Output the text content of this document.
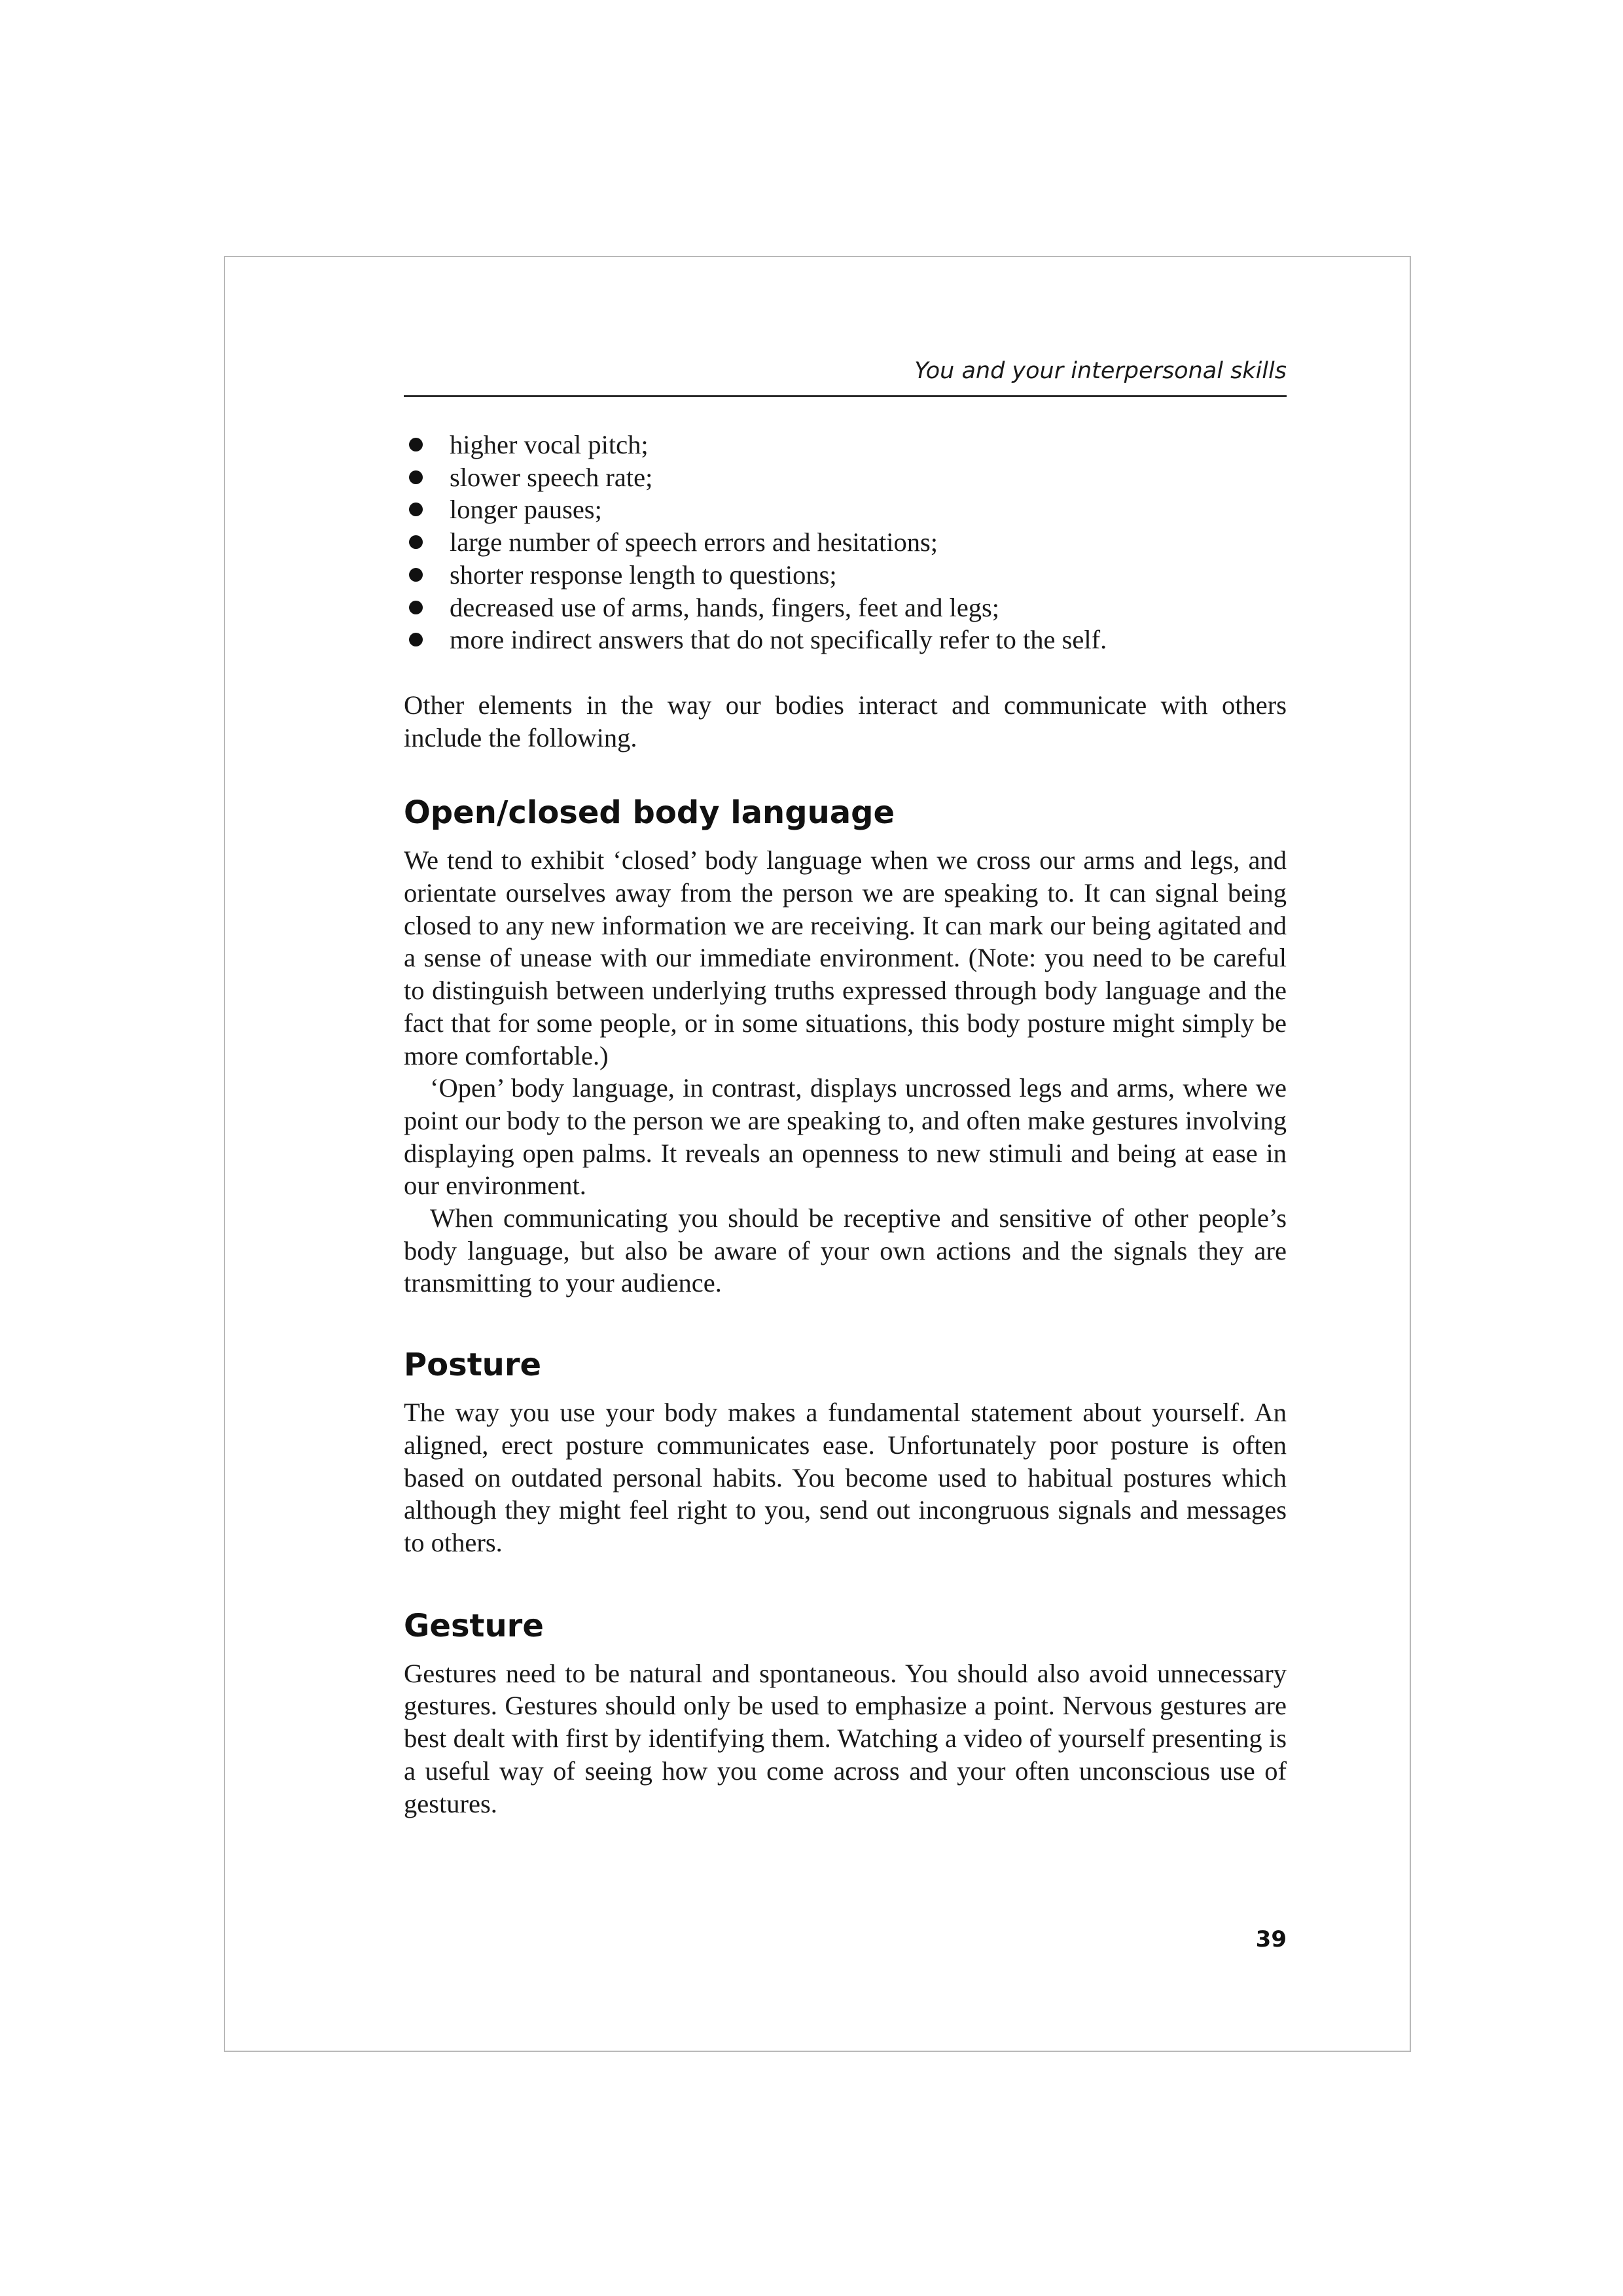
You and your interpersonal skills
higher vocal pitch;
slower speech rate;
longer pauses;
large number of speech errors and hesitations;
shorter response length to questions;
decreased use of arms, hands, fingers, feet and legs;
more indirect answers that do not specifically refer to the self.

Other elements in the way our bodies interact and communicate with others include the following.

Open/closed body language

We tend to exhibit ‘closed’ body language when we cross our arms and legs, and orientate ourselves away from the person we are speaking to. It can signal being closed to any new information we are receiving. It can mark our being agitated and a sense of unease with our immediate environment. (Note: you need to be careful to distinguish between underlying truths expressed through body language and the fact that for some people, or in some situations, this body posture might simply be more comfortable.)

‘Open’ body language, in contrast, displays uncrossed legs and arms, where we point our body to the person we are speaking to, and often make gestures involving displaying open palms. It reveals an openness to new stimuli and being at ease in our environment.

When communicating you should be receptive and sensitive of other people’s body language, but also be aware of your own actions and the signals they are transmitting to your audience.

Posture

The way you use your body makes a fundamental statement about yourself. An aligned, erect posture communicates ease. Unfortunately poor posture is often based on outdated personal habits. You become used to habitual postures which although they might feel right to you, send out incongruous signals and messages to others.

Gesture

Gestures need to be natural and spontaneous. You should also avoid unnecessary gestures. Gestures should only be used to emphasize a point. Nervous gestures are best dealt with first by identifying them. Watching a video of yourself presenting is a useful way of seeing how you come across and your often unconscious use of gestures.

39
